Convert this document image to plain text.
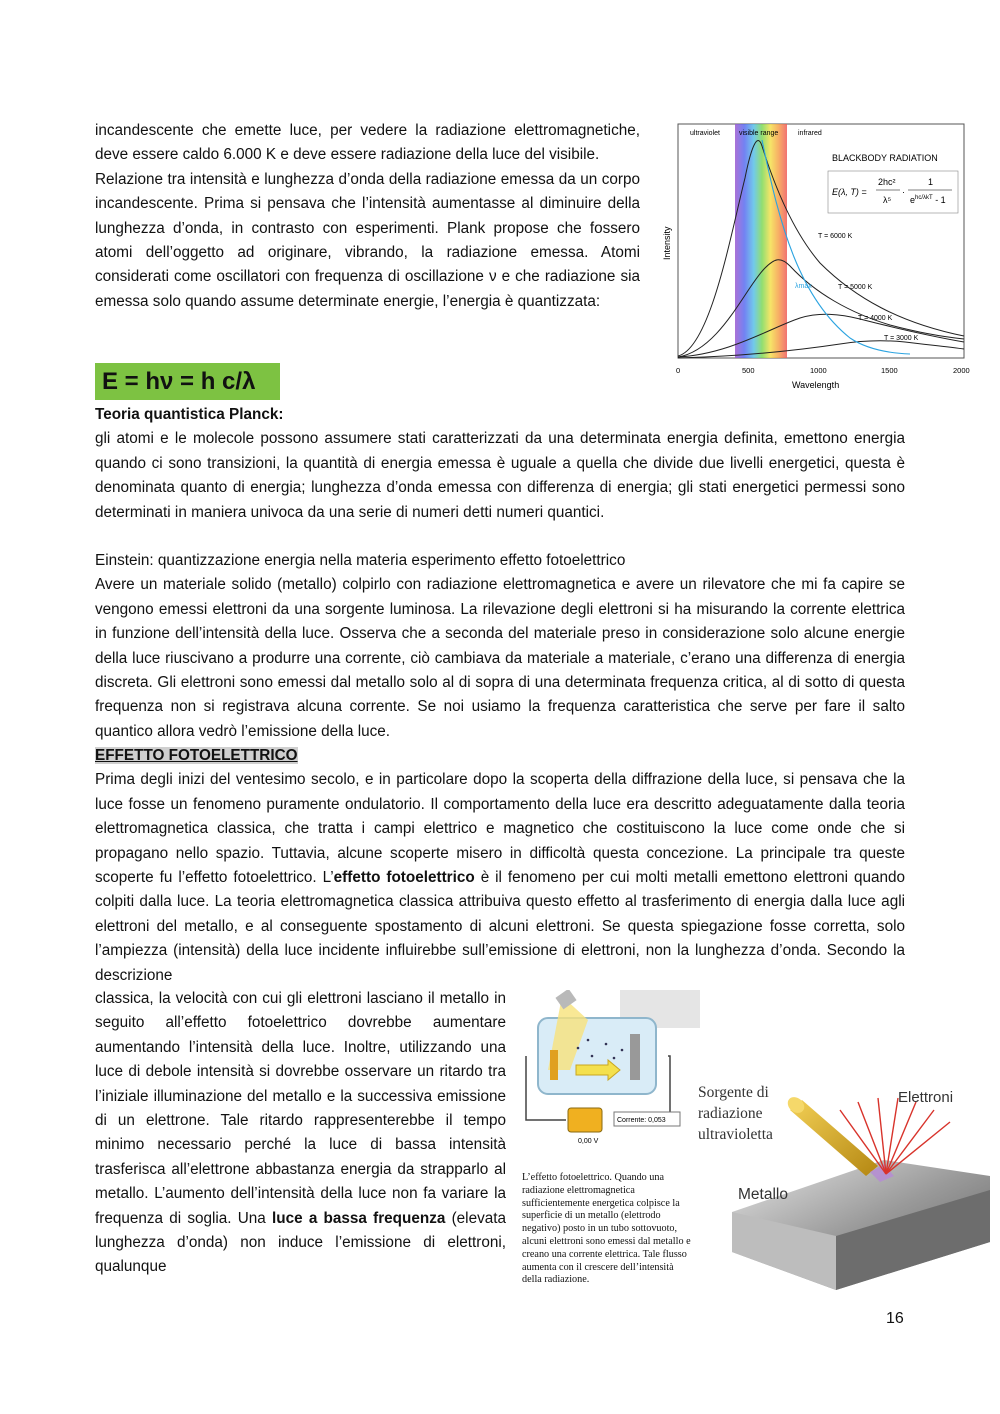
incandescente che emette luce, per vedere la radiazione elettromagnetiche, deve essere caldo 6.000 K e deve essere radiazione della luce del visibile.

Relazione tra intensità e lunghezza d’onda della radiazione emessa da un corpo incandescente. Prima si pensava che l’intensità aumentasse al diminuire della lunghezza d’onda, in contrasto con esperimenti. Plank propose che fossero atomi dell’oggetto ad originare, vibrando, la radiazione emessa. Atomi considerati come oscillatori con frequenza di oscillazione ν e che radiazione sia emessa solo quando assume determinate energie, l’energia è quantizzata:

E = hν = h c/λ
ultraviolet	visible range	infrared
BLACKBODY RADIATION
E(λ, T) =
2hc²
λ⁵
·
1
$e^{hc/\lambda kT} - 1$
Intensity	T = 6000 K
T = 5000 K
T = 4000 K
T = 3000 K
λmax
0	500	1000	1500	2000
Wavelength

Teoria quantistica Planck:

gli atomi e le molecole possono assumere stati caratterizzati da una determinata energia definita, emettono energia quando ci sono transizioni, la quantità di energia emessa è uguale a quella che divide due livelli energetici, questa è denominata quanto di energia; lunghezza d’onda emessa con differenza di energia; gli stati energetici permessi sono determinati in maniera univoca da una serie di numeri detti numeri quantici.

Einstein: quantizzazione energia nella materia esperimento effetto fotoelettrico

Avere un materiale solido (metallo) colpirlo con radiazione elettromagnetica e avere un rilevatore che mi fa capire se vengono emessi elettroni da una sorgente luminosa. La rilevazione degli elettroni si ha misurando la corrente elettrica in funzione dell’intensità della luce. Osserva che a seconda del materiale preso in considerazione solo alcune energie della luce riuscivano a produrre una corrente, ciò cambiava da materiale a materiale, c’erano una differenza di energia discreta. Gli elettroni sono emessi dal metallo solo al di sopra di una determinata frequenza critica, al di sotto di questa frequenza non si registrava alcuna corrente. Se noi usiamo la frequenza caratteristica che serve per fare il salto quantico allora vedrò l’emissione della luce.

EFFETTO FOTOELETTRICO

Prima degli inizi del ventesimo secolo, e in particolare dopo la scoperta della diffrazione della luce, si pensava che la luce fosse un fenomeno puramente ondulatorio. Il comportamento della luce era descritto adeguatamente dalla teoria elettromagnetica classica, che tratta i campi elettrico e magnetico che costituiscono la luce come onde che si propagano nello spazio. Tuttavia, alcune scoperte misero in difficoltà questa concezione. La principale tra queste scoperte fu l’effetto fotoelettrico. L’effetto fotoelettrico è il fenomeno per cui molti metalli emettono elettroni quando colpiti dalla luce. La teoria elettromagnetica classica attribuiva questo effetto al trasferimento di energia dalla luce agli elettroni del metallo, e al conseguente spostamento di alcuni elettroni. Se questa spiegazione fosse corretta, solo l’ampiezza (intensità) della luce incidente influirebbe sull’emissione di elettroni, non la lunghezza d’onda. Secondo la descrizione

classica, la velocità con cui gli elettroni lasciano il metallo in seguito all’effetto fotoelettrico dovrebbe aumentare aumentando l’intensità della luce. Inoltre, utilizzando una luce di debole intensità si dovrebbe osservare un ritardo tra l’iniziale illuminazione del metallo e la successiva emissione di un elettrone. Tale ritardo rappresenterebbe il tempo minimo necessario perché la luce di bassa intensità trasferisca all’elettrone abbastanza energia da strapparlo al metallo. L’aumento dell’intensità della luce non fa variare la frequenza di soglia. Una luce a bassa frequenza (elevata lunghezza d’onda) non induce l’emissione di elettroni, qualunque

Corrente: 0,053
0,00 V
L’effetto fotoelettrico. Quando una radiazione elettromagnetica sufficientemente energetica colpisce la superficie di un metallo (elettrodo negativo) posto in un tubo sottovuoto, alcuni elettroni sono emessi dal metallo e creano una corrente elettrica. Tale flusso aumenta con il crescere dell’intensità della radiazione.
Elettroni
Sorgente di radiazione ultravioletta
Metallo
16
